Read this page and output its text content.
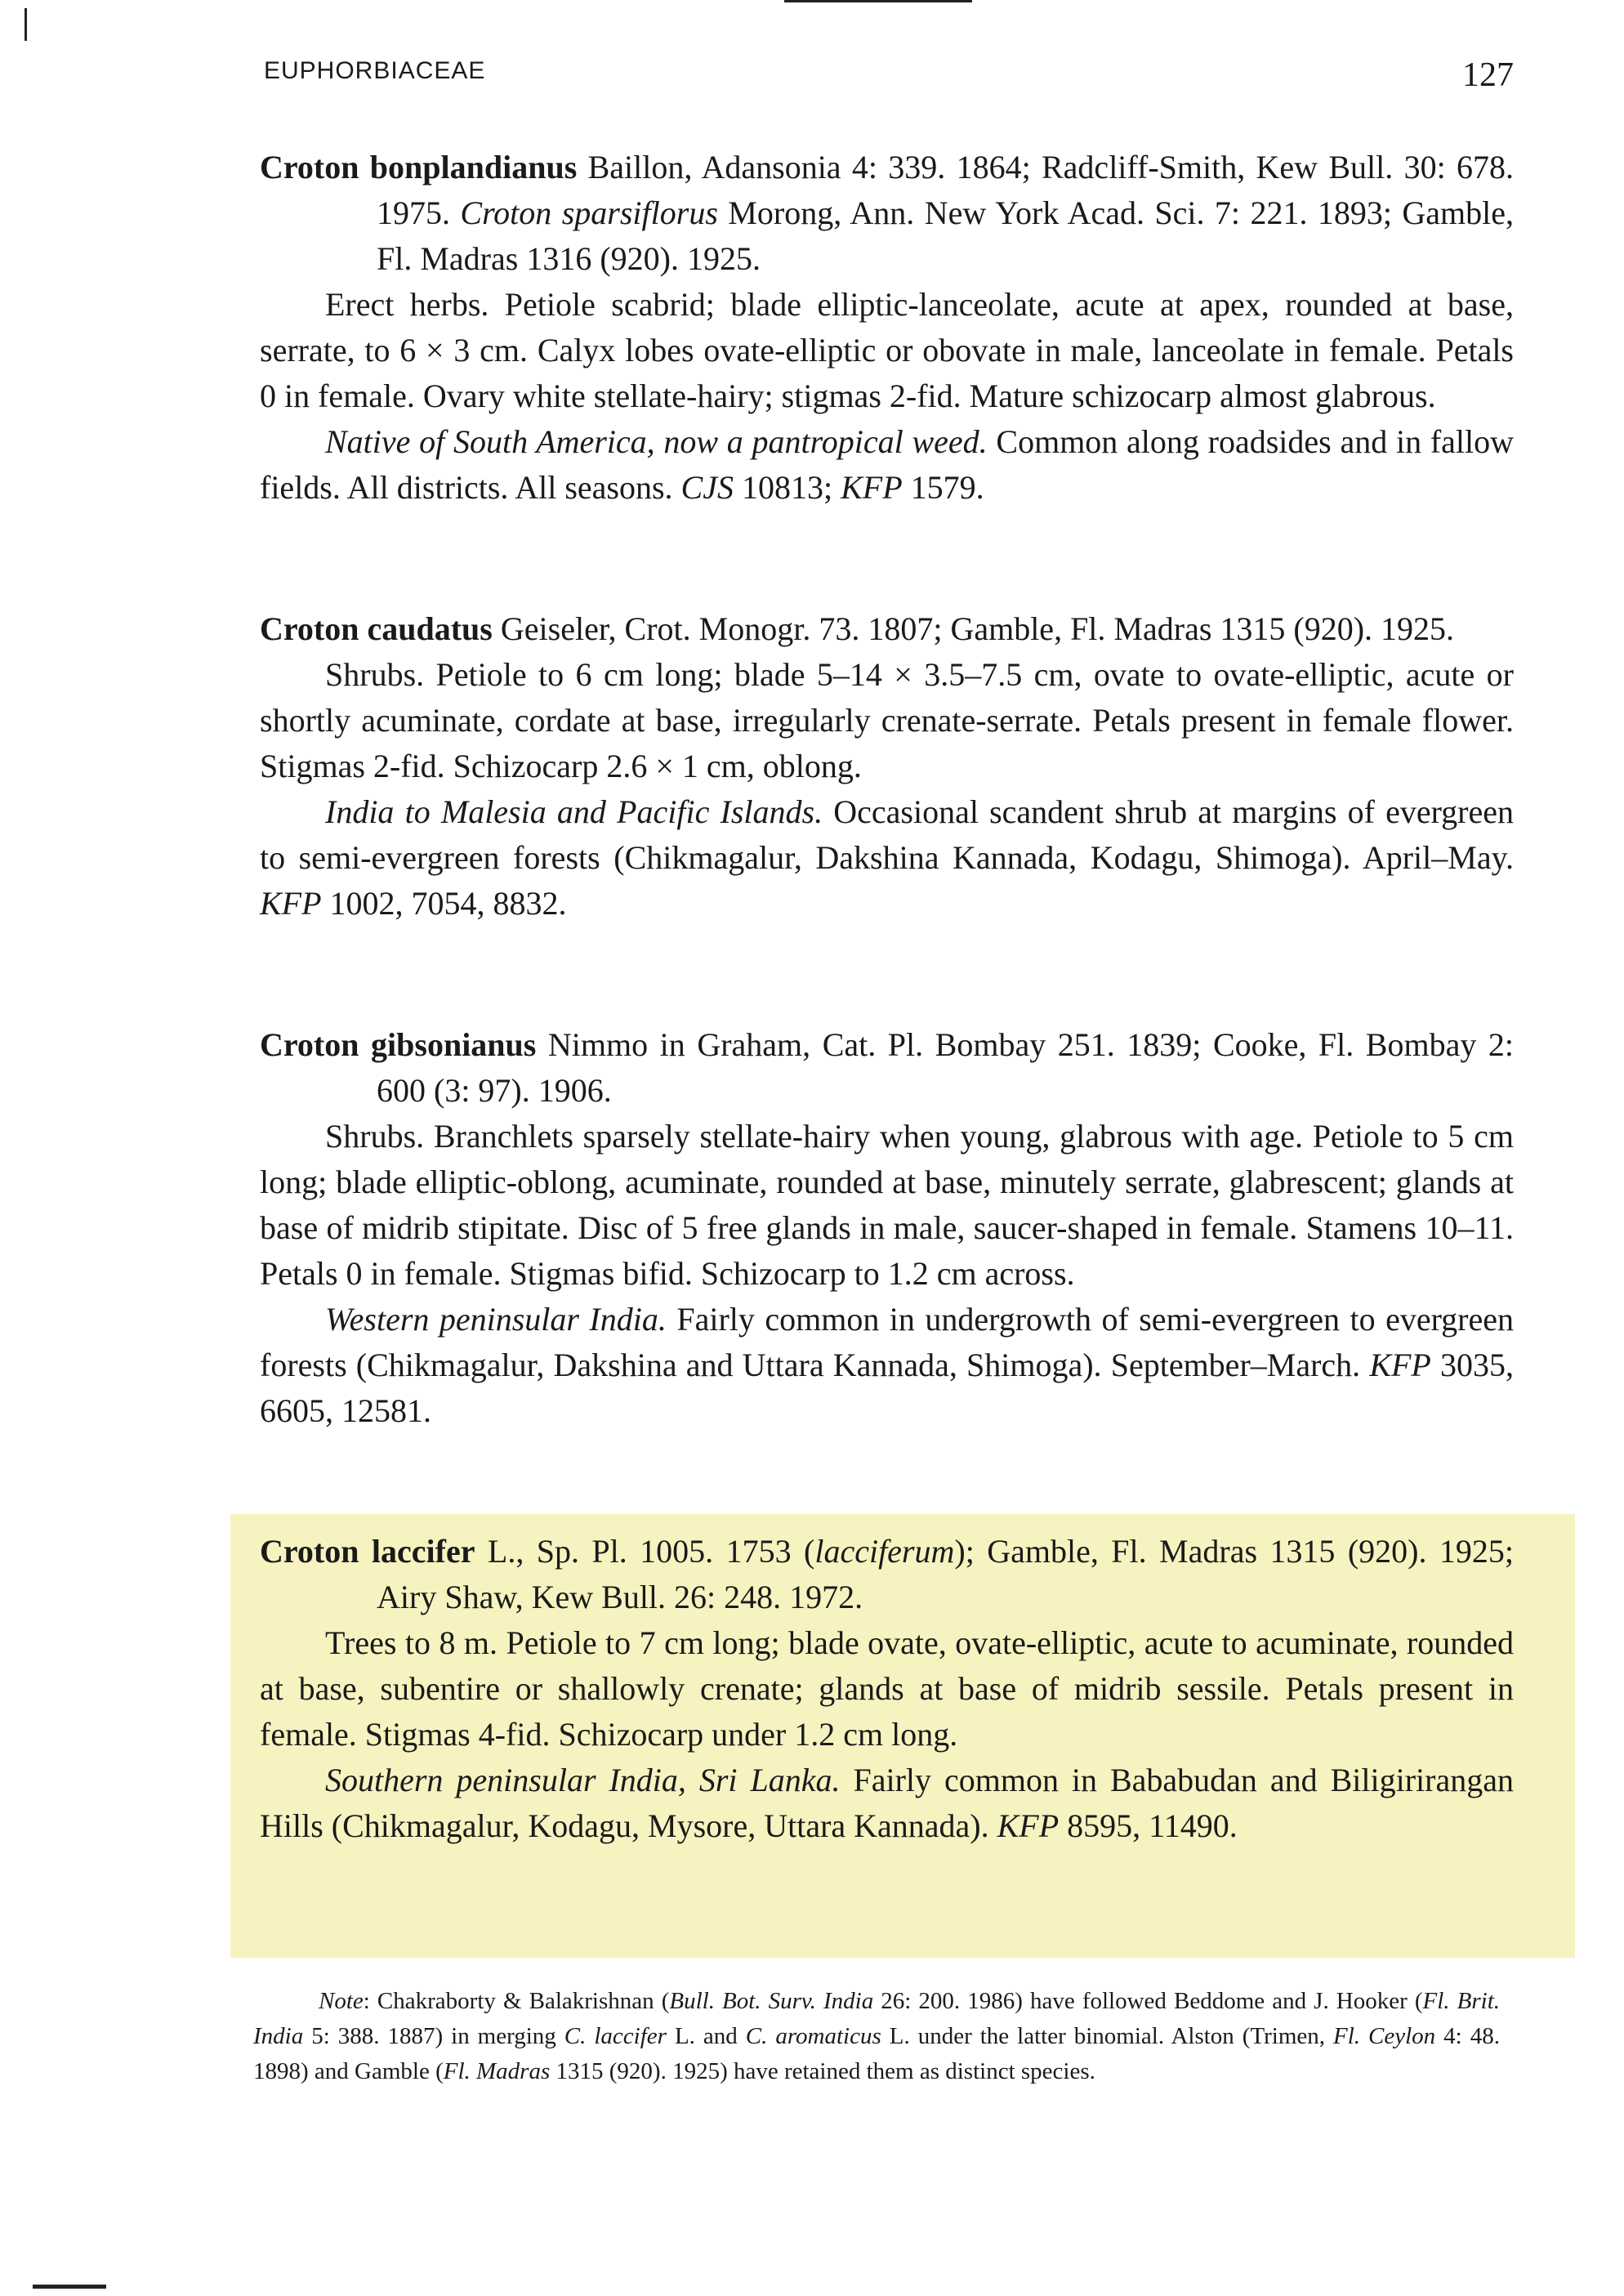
EUPHORBIACEAE	127

Croton bonplandianus Baillon, Adansonia 4: 339. 1864; Radcliff-Smith, Kew Bull. 30: 678. 1975. Croton sparsiflorus Morong, Ann. New York Acad. Sci. 7: 221. 1893; Gamble, Fl. Madras 1316 (920). 1925.

Erect herbs. Petiole scabrid; blade elliptic-lanceolate, acute at apex, rounded at base, serrate, to 6 × 3 cm. Calyx lobes ovate-elliptic or obovate in male, lanceolate in female. Petals 0 in female. Ovary white stellate-hairy; stigmas 2-fid. Mature schizocarp almost glabrous.

Native of South America, now a pantropical weed. Common along roadsides and in fallow fields. All districts. All seasons. CJS 10813; KFP 1579.

Croton caudatus Geiseler, Crot. Monogr. 73. 1807; Gamble, Fl. Madras 1315 (920). 1925.

Shrubs. Petiole to 6 cm long; blade 5–14 × 3.5–7.5 cm, ovate to ovate-elliptic, acute or shortly acuminate, cordate at base, irregularly crenate-serrate. Petals present in female flower. Stigmas 2-fid. Schizocarp 2.6 × 1 cm, oblong.

India to Malesia and Pacific Islands. Occasional scandent shrub at margins of evergreen to semi-evergreen forests (Chikmagalur, Dakshina Kannada, Kodagu, Shimoga). April–May. KFP 1002, 7054, 8832.

Croton gibsonianus Nimmo in Graham, Cat. Pl. Bombay 251. 1839; Cooke, Fl. Bombay 2: 600 (3: 97). 1906.

Shrubs. Branchlets sparsely stellate-hairy when young, glabrous with age. Petiole to 5 cm long; blade elliptic-oblong, acuminate, rounded at base, minutely serrate, glabrescent; glands at base of midrib stipitate. Disc of 5 free glands in male, saucer-shaped in female. Stamens 10–11. Petals 0 in female. Stigmas bifid. Schizocarp to 1.2 cm across.

Western peninsular India. Fairly common in undergrowth of semi-evergreen to evergreen forests (Chikmagalur, Dakshina and Uttara Kannada, Shimoga). September–March. KFP 3035, 6605, 12581.

Croton laccifer L., Sp. Pl. 1005. 1753 (lacciferum); Gamble, Fl. Madras 1315 (920). 1925; Airy Shaw, Kew Bull. 26: 248. 1972.

Trees to 8 m. Petiole to 7 cm long; blade ovate, ovate-elliptic, acute to acuminate, rounded at base, subentire or shallowly crenate; glands at base of midrib sessile. Petals present in female. Stigmas 4-fid. Schizocarp under 1.2 cm long.

Southern peninsular India, Sri Lanka. Fairly common in Bababudan and Biligirirangan Hills (Chikmagalur, Kodagu, Mysore, Uttara Kannada). KFP 8595, 11490.

Note: Chakraborty & Balakrishnan (Bull. Bot. Surv. India 26: 200. 1986) have followed Beddome and J. Hooker (Fl. Brit. India 5: 388. 1887) in merging C. laccifer L. and C. aromaticus L. under the latter binomial. Alston (Trimen, Fl. Ceylon 4: 48. 1898) and Gamble (Fl. Madras 1315 (920). 1925) have retained them as distinct species.
